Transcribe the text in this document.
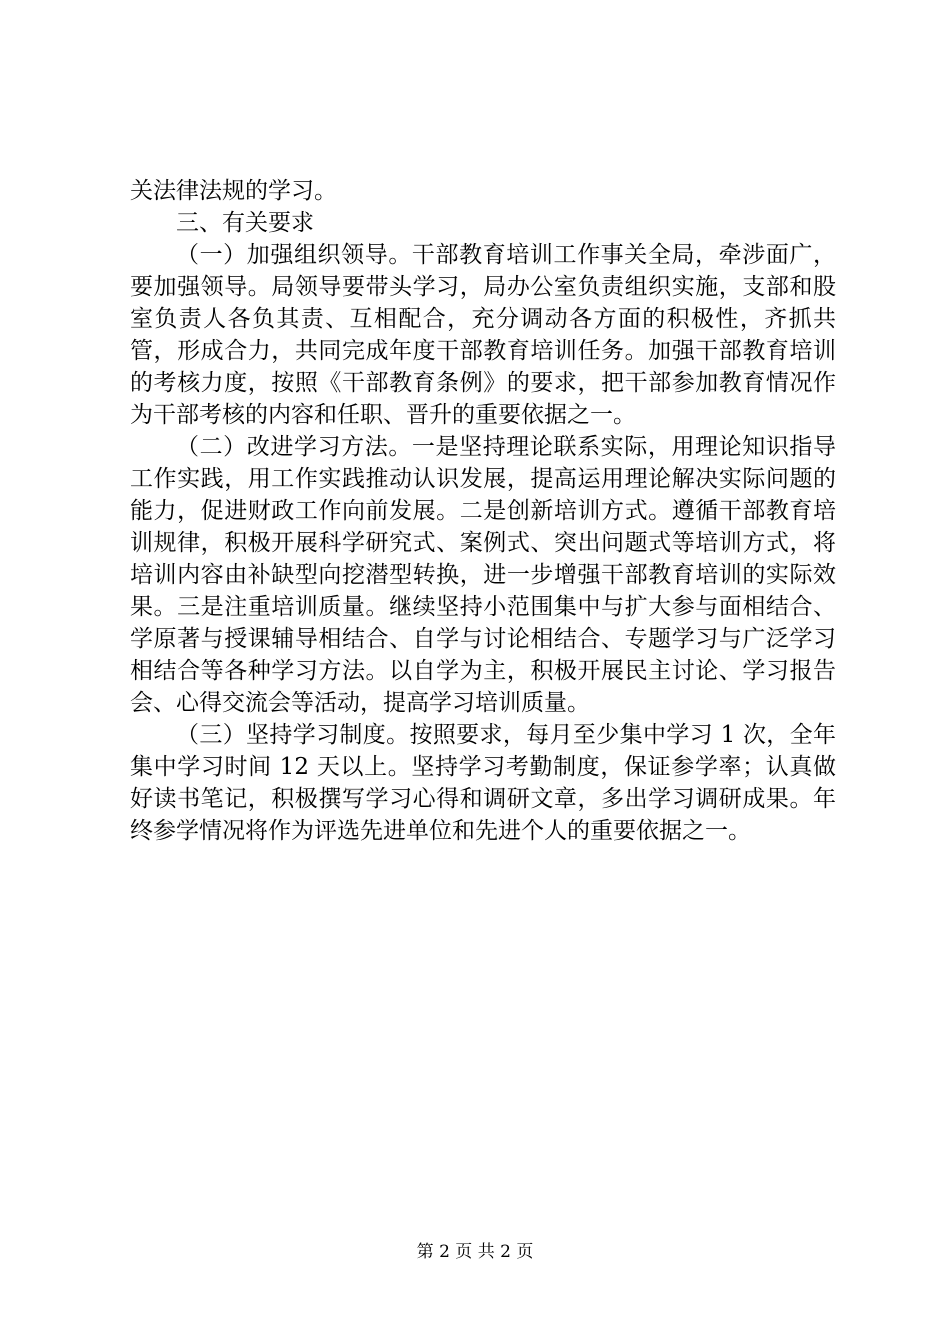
关法律法规的学习。

三、有关要求

（一）加强组织领导。干部教育培训工作事关全局，牵涉面广，要加强领导。局领导要带头学习，局办公室负责组织实施，支部和股室负责人各负其责、互相配合，充分调动各方面的积极性，齐抓共管，形成合力，共同完成年度干部教育培训任务。加强干部教育培训的考核力度，按照《干部教育条例》的要求，把干部参加教育情况作为干部考核的内容和任职、晋升的重要依据之一。

（二）改进学习方法。一是坚持理论联系实际，用理论知识指导工作实践，用工作实践推动认识发展，提高运用理论解决实际问题的能力，促进财政工作向前发展。二是创新培训方式。遵循干部教育培训规律，积极开展科学研究式、案例式、突出问题式等培训方式，将培训内容由补缺型向挖潜型转换，进一步增强干部教育培训的实际效果。三是注重培训质量。继续坚持小范围集中与扩大参与面相结合、学原著与授课辅导相结合、自学与讨论相结合、专题学习与广泛学习相结合等各种学习方法。以自学为主，积极开展民主讨论、学习报告会、心得交流会等活动，提高学习培训质量。

（三）坚持学习制度。按照要求，每月至少集中学习 1 次，全年集中学习时间 12 天以上。坚持学习考勤制度，保证参学率；认真做好读书笔记，积极撰写学习心得和调研文章，多出学习调研成果。年终参学情况将作为评选先进单位和先进个人的重要依据之一。

第 2 页 共 2 页
